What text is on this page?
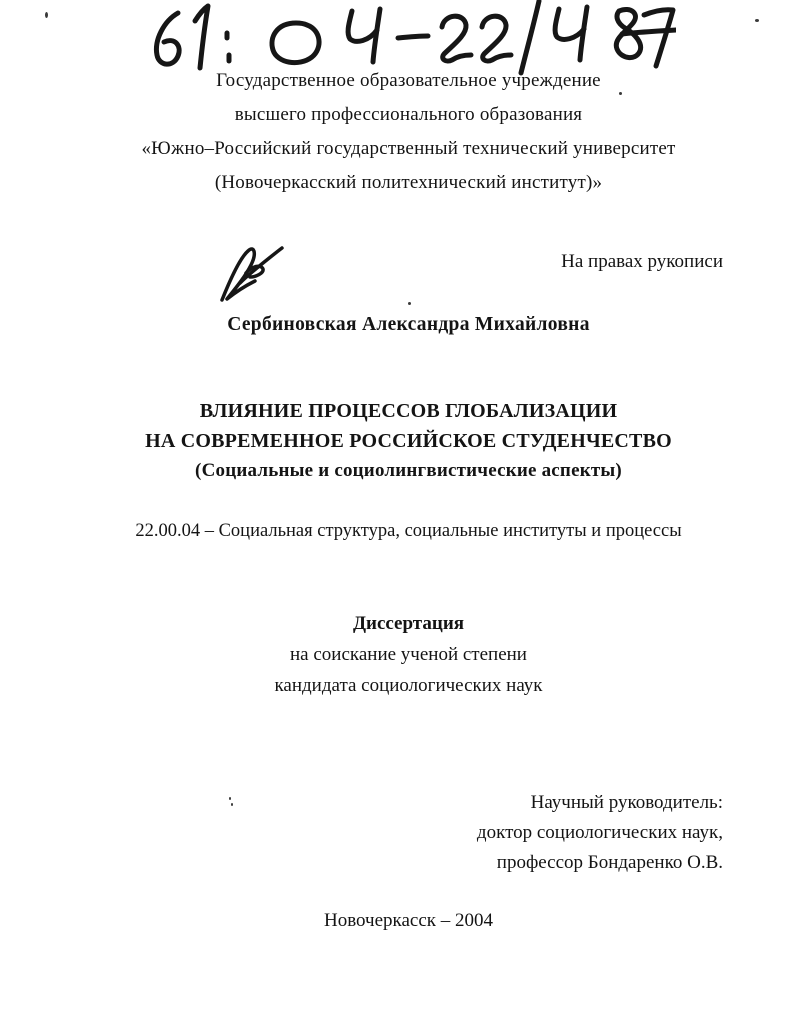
Государственное образовательное учреждение
высшего профессионального образования
«Южно–Российский государственный технический университет
(Новочеркасский политехнический институт)»
На правах рукописи
Сербиновская Александра Михайловна
ВЛИЯНИЕ ПРОЦЕССОВ ГЛОБАЛИЗАЦИИ
НА СОВРЕМЕННОЕ РОССИЙСКОЕ СТУДЕНЧЕСТВО
(Социальные и социолингвистические аспекты)
22.00.04 – Социальная структура, социальные институты и процессы
Диссертация
на соискание ученой степени
кандидата социологических наук
Научный руководитель:
доктор социологических наук,
профессор Бондаренко О.В.
Новочеркасск – 2004
